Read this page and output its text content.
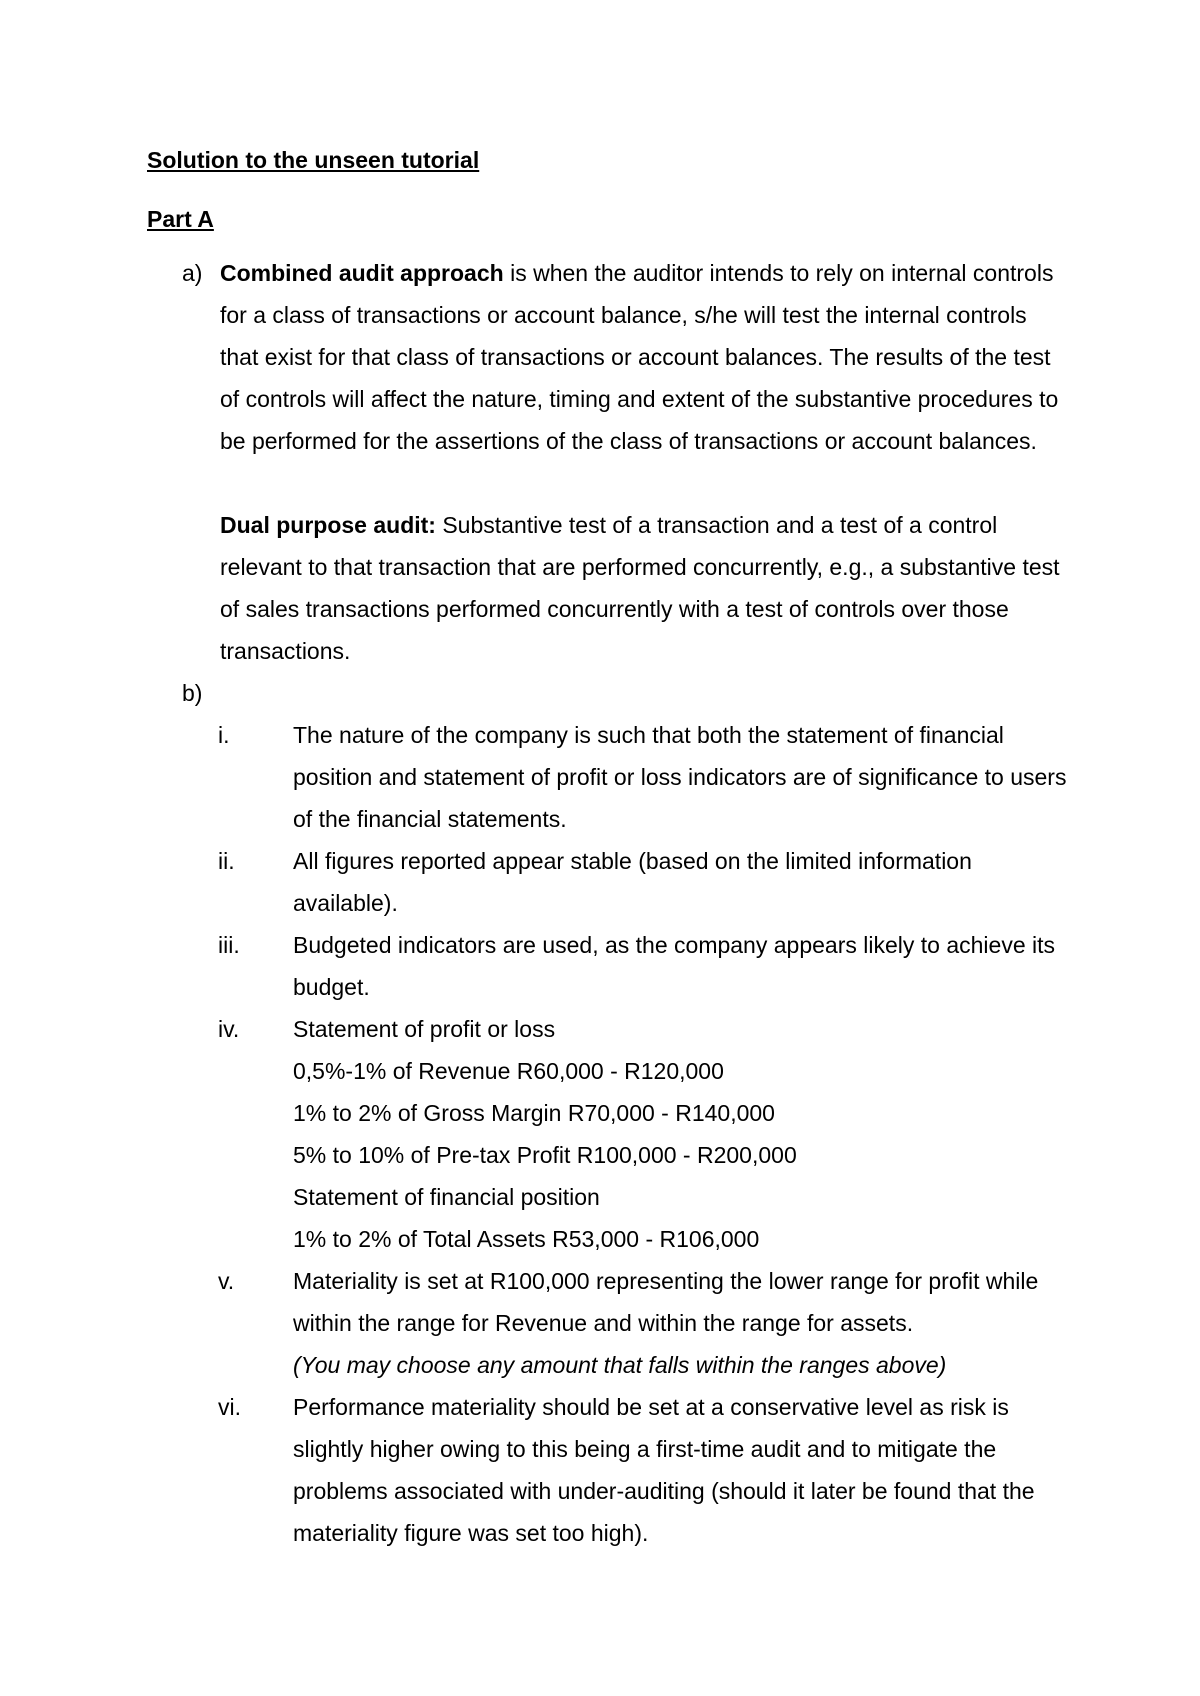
Solution to the unseen tutorial
Part A
a) Combined audit approach is when the auditor intends to rely on internal controls for a class of transactions or account balance, s/he will test the internal controls that exist for that class of transactions or account balances. The results of the test of controls will affect the nature, timing and extent of the substantive procedures to be performed for the assertions of the class of transactions or account balances.
Dual purpose audit: Substantive test of a transaction and a test of a control relevant to that transaction that are performed concurrently, e.g., a substantive test of sales transactions performed concurrently with a test of controls over those transactions.
b)
i.	The nature of the company is such that both the statement of financial position and statement of profit or loss indicators are of significance to users of the financial statements.
ii.	All figures reported appear stable (based on the limited information available).
iii. Budgeted indicators are used, as the company appears likely to achieve its budget.
iv. Statement of profit or loss
0,5%-1% of Revenue R60,000 - R120,000
1% to 2% of Gross Margin R70,000 - R140,000
5% to 10% of Pre-tax Profit R100,000 - R200,000
Statement of financial position
1% to 2% of Total Assets R53,000 - R106,000
v.	Materiality is set at R100,000 representing the lower range for profit while within the range for Revenue and within the range for assets.
(You may choose any amount that falls within the ranges above)
vi. Performance materiality should be set at a conservative level as risk is slightly higher owing to this being a first-time audit and to mitigate the problems associated with under-auditing (should it later be found that the materiality figure was set too high).
